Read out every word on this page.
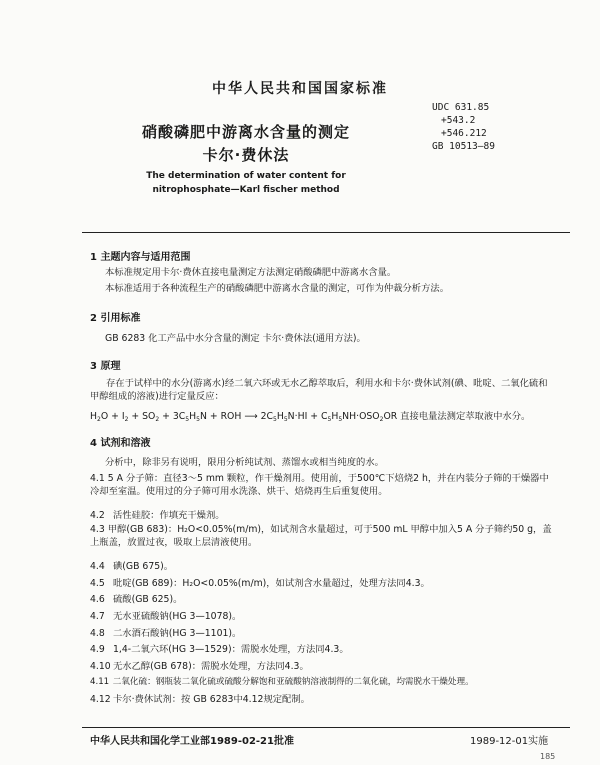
中华人民共和国国家标准
UDC 631.85
+543.2
+546.212
GB 10513—89
硝酸磷肥中游离水含量的测定
卡尔·费休法
The determination of water content for
nitrophosphate—Karl fischer method
1 主题内容与适用范围
本标准规定用卡尔·费休直接电量测定方法测定硝酸磷肥中游离水含量。
本标准适用于各种流程生产的硝酸磷肥中游离水含量的测定，可作为仲裁分析方法。
2 引用标准
GB 6283 化工产品中水分含量的测定 卡尔·费休法(通用方法)。
3 原理
存在于试样中的水分(游离水)经二氧六环或无水乙醇萃取后，利用水和卡尔·费休试剂(碘、吡啶、二氧化硫和甲醇组成的溶液)进行定量反应：
$H_2O + I_2 + SO_2 + 3C_5H_5N$ + ROH ⟶ $2C_5H_5N\cdot HI + C_5H_5NH\cdot OSO_2OR$ 直接电量法测定萃取液中水分。
4 试剂和溶液
分析中，除非另有说明，限用分析纯试剂、蒸馏水或相当纯度的水。
4.1 5 A 分子筛：直径3～5 mm 颗粒，作干燥剂用。使用前，于500℃下焙烧2 h，并在内装分子筛的干燥器中冷却至室温。使用过的分子筛可用水洗涤、烘干、焙烧再生后重复使用。
4.2 活性硅胶：作填充干燥剂。
4.3 甲醇(GB 683)：H₂O<0.05%(m/m)，如试剂含水量超过，可于500 mL 甲醇中加入5 A 分子筛约50 g，盖上瓶盖，放置过夜，吸取上层清液使用。
4.4 碘(GB 675)。
4.5 吡啶(GB 689)：H₂O<0.05%(m/m)，如试剂含水量超过，处理方法同4.3。
4.6 硫酸(GB 625)。
4.7 无水亚硫酸钠(HG 3—1078)。
4.8 二水酒石酸钠(HG 3—1101)。
4.9 1,4-二氧六环(HG 3—1529)：需脱水处理，方法同4.3。
4.10 无水乙醇(GB 678)：需脱水处理，方法同4.3。
4.11 二氧化硫：钢瓶装二氧化硫或硫酸分解饱和亚硫酸钠溶液制得的二氧化硫，均需脱水干燥处理。
4.12 卡尔·费休试剂：按 GB 6283中4.12规定配制。
中华人民共和国化学工业部1989-02-21批准	1989-12-01实施
185
